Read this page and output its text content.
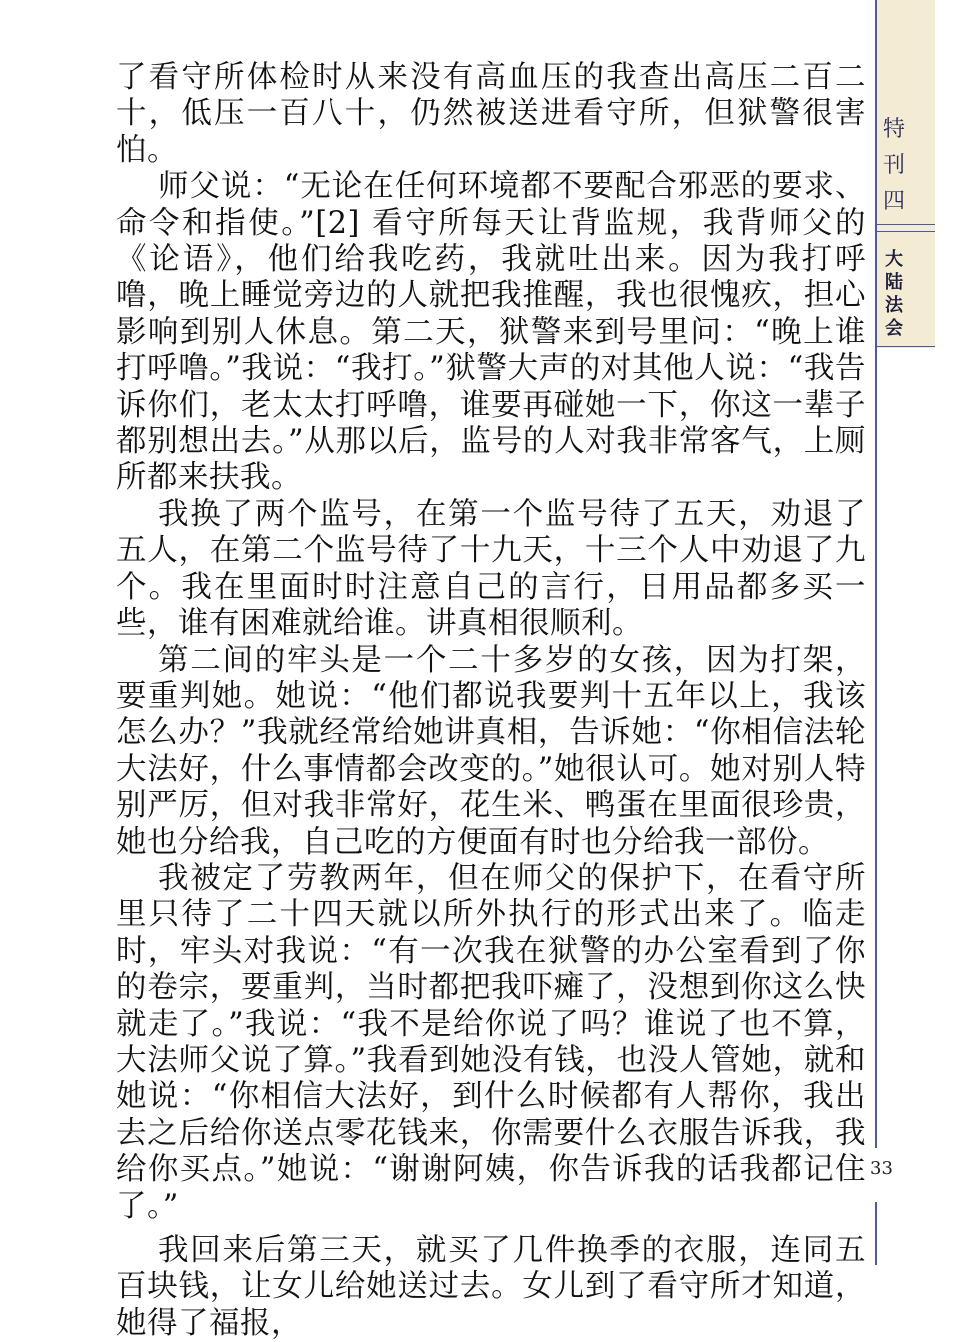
了看守所体检时从来没有高血压的我查出高压二百二十，低压一百八十，仍然被送进看守所，但狱警很害怕。

师父说：“无论在任何环境都不要配合邪恶的要求、命令和指使。”[2] 看守所每天让背监规，我背师父的《论语》，他们给我吃药，我就吐出来。因为我打呼噜，晚上睡觉旁边的人就把我推醒，我也很愧疚，担心影响到别人休息。第二天，狱警来到号里问：“晚上谁打呼噜。”我说：“我打。”狱警大声的对其他人说：“我告诉你们，老太太打呼噜，谁要再碰她一下，你这一辈子都别想出去。”从那以后，监号的人对我非常客气，上厕所都来扶我。

我换了两个监号，在第一个监号待了五天，劝退了五人，在第二个监号待了十九天，十三个人中劝退了九个。我在里面时时注意自己的言行，日用品都多买一些，谁有困难就给谁。讲真相很顺利。

第二间的牢头是一个二十多岁的女孩，因为打架，要重判她。她说：“他们都说我要判十五年以上，我该怎么办？”我就经常给她讲真相，告诉她：“你相信法轮大法好，什么事情都会改变的。”她很认可。她对别人特别严厉，但对我非常好，花生米、鸭蛋在里面很珍贵，她也分给我，自己吃的方便面有时也分给我一部份。

我被定了劳教两年，但在师父的保护下，在看守所里只待了二十四天就以所外执行的形式出来了。临走时，牢头对我说：“有一次我在狱警的办公室看到了你的卷宗，要重判，当时都把我吓瘫了，没想到你这么快就走了。”我说：“我不是给你说了吗？谁说了也不算，大法师父说了算。”我看到她没有钱，也没人管她，就和她说：“你相信大法好，到什么时候都有人帮你，我出去之后给你送点零花钱来，你需要什么衣服告诉我，我给你买点。”她说：“谢谢阿姨，你告诉我的话我都记住了。”

我回来后第三天，就买了几件换季的衣服，连同五百块钱，让女儿给她送过去。女儿到了看守所才知道，她得了福报，

特刊四
大陆法会
33
